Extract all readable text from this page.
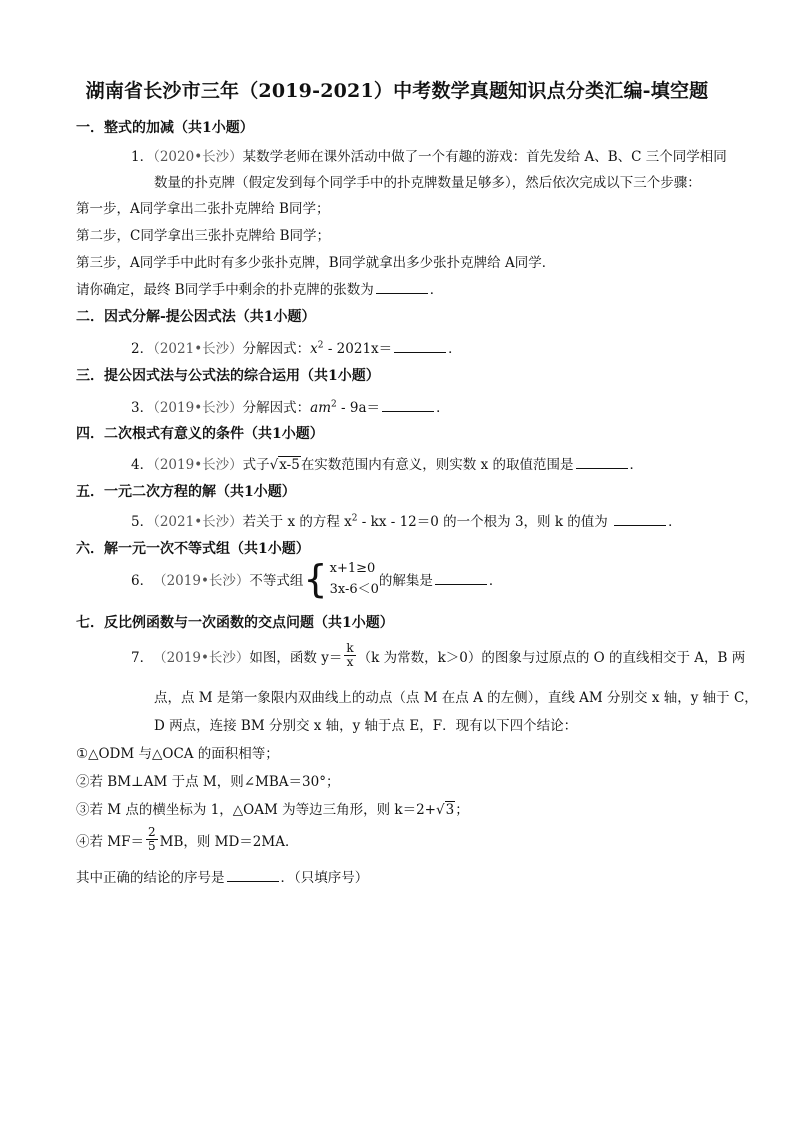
湖南省长沙市三年（2019-2021）中考数学真题知识点分类汇编-填空题
一．整式的加减（共1小题）
1．（2020•长沙）某数学老师在课外活动中做了一个有趣的游戏：首先发给 A、B、C 三个同学相同
数量的扑克牌（假定发到每个同学手中的扑克牌数量足够多），然后依次完成以下三个步骤：
第一步，A同学拿出二张扑克牌给 B同学；
第二步，C同学拿出三张扑克牌给 B同学；
第三步，A同学手中此时有多少张扑克牌，B同学就拿出多少张扑克牌给 A同学．
请你确定，最终 B同学手中剩余的扑克牌的张数为	．
二．因式分解-提公因式法（共1小题）
2．（2021•长沙）分解因式：$x^2 - 2021x=$	．
三．提公因式法与公式法的综合运用（共1小题）
3．（2019•长沙）分解因式：$am^2 - 9a=$	．
四．二次根式有意义的条件（共1小题）
4．（2019•长沙）式子√x-5在实数范围内有意义，则实数 x 的取值范围是	．
五．一元二次方程的解（共1小题）
5．（2021•长沙）若关于 x 的方程 $x^2$ - kx - 12＝0 的一个根为 3，则 k 的值为	．
六．解一元一次不等式组（共1小题）
6． （2019•长沙） 不等式组 { x+1≥0
3x-6＜0
的解集是	．
七．反比例函数与一次函数的交点问题（共1小题）
7． （2019•长沙） 如图，函数 $y= \frac{k}{x} (k$ 为常数，k＞0）的图象与过原点的 O 的直线相交于 A，B 两
点，点 M 是第一象限内双曲线上的动点（点 M 在点 A 的左侧），直线 AM 分别交 x 轴，y 轴于 C，
D 两点，连接 BM 分别交 x 轴，y 轴于点 E，F．现有以下四个结论：
①△ODM 与△OCA 的面积相等；
②若 BM⊥AM 于点 M，则∠MBA＝30°；
③若 M 点的横坐标为 1，△OAM 为等边三角形，则 k＝2+√3；
④若 $MF= \frac{2}{5}$ MB，则 MD＝2MA．
其中正确的结论的序号是	．（只填序号）
